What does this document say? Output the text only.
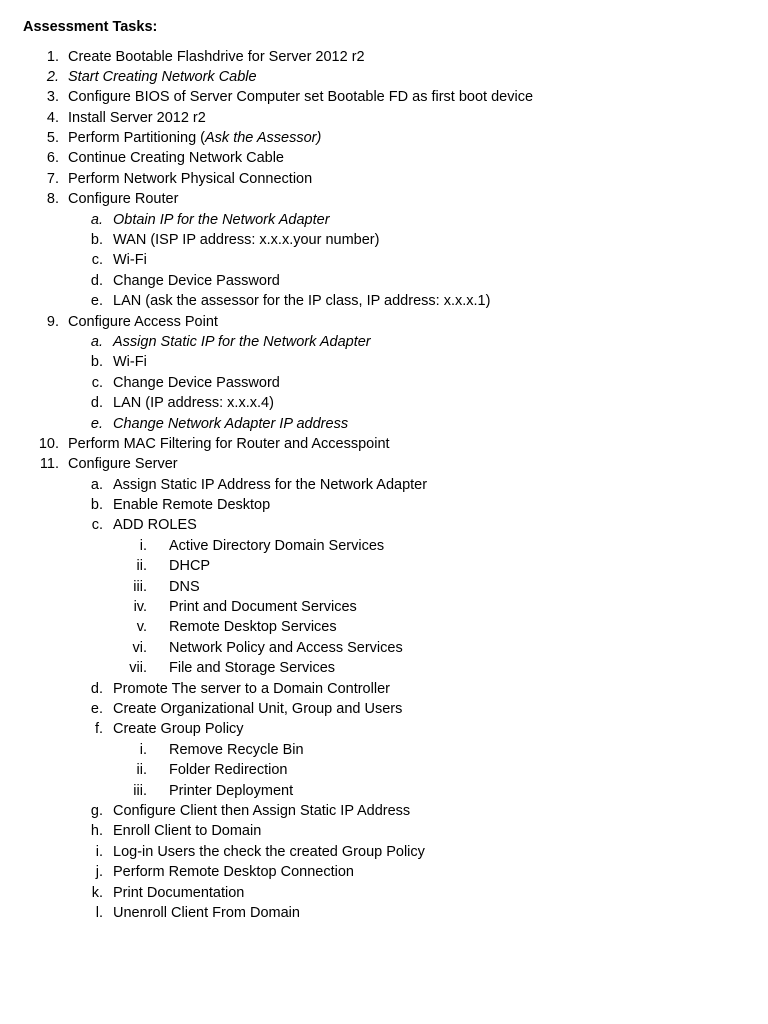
Assessment Tasks:
1. Create Bootable Flashdrive for Server 2012 r2
2. Start Creating Network Cable
3. Configure BIOS of Server Computer set Bootable FD as first boot device
4. Install Server 2012 r2
5. Perform Partitioning (Ask the Assessor)
6. Continue Creating Network Cable
7. Perform Network Physical Connection
8. Configure Router
a. Obtain IP for the Network Adapter
b. WAN (ISP IP address: x.x.x.your number)
c. Wi-Fi
d. Change Device Password
e. LAN (ask the assessor for the IP class, IP address: x.x.x.1)
9. Configure Access Point
a. Assign Static IP for the Network Adapter
b. Wi-Fi
c. Change Device Password
d. LAN (IP address: x.x.x.4)
e. Change Network Adapter IP address
10. Perform MAC Filtering for Router and Accesspoint
11. Configure Server
a. Assign Static IP Address for the Network Adapter
b. Enable Remote Desktop
c. ADD ROLES
i. Active Directory Domain Services
ii. DHCP
iii. DNS
iv. Print and Document Services
v. Remote Desktop Services
vi. Network Policy and Access Services
vii. File and Storage Services
d. Promote The server to a Domain Controller
e. Create Organizational Unit, Group and Users
f. Create Group Policy
i. Remove Recycle Bin
ii. Folder Redirection
iii. Printer Deployment
g. Configure Client then Assign Static IP Address
h. Enroll Client to Domain
i. Log-in Users the check the created Group Policy
j. Perform Remote Desktop Connection
k. Print Documentation
l. Unenroll Client From Domain
